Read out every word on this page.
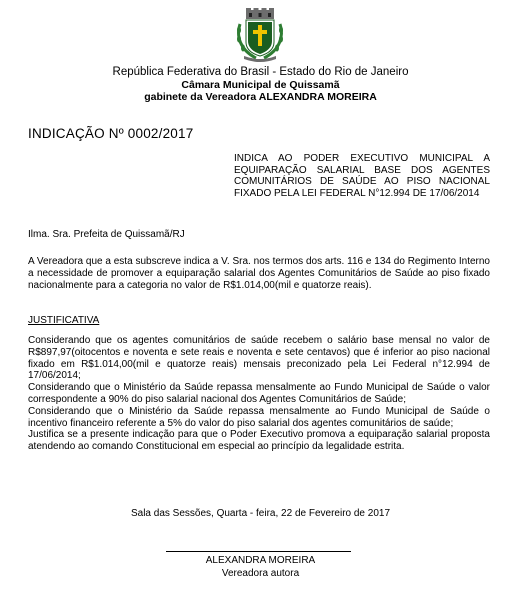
República Federativa do Brasil - Estado do Rio de Janeiro
Câmara Municipal de Quissamã
gabinete da Vereadora ALEXANDRA MOREIRA
INDICAÇÃO Nº 0002/2017
INDICA AO PODER EXECUTIVO MUNICIPAL A EQUIPARAÇÃO SALARIAL BASE DOS AGENTES COMUNITÁRIOS DE SAÚDE AO PISO NACIONAL FIXADO PELA LEI FEDERAL N°12.994 DE 17/06/2014
Ilma. Sra. Prefeita de Quissamã/RJ
A Vereadora que a esta subscreve indica a V. Sra. nos termos dos arts. 116 e 134 do Regimento Interno a necessidade de promover a equiparação salarial dos Agentes Comunitários de Saúde ao piso fixado nacionalmente para a categoria no valor de R$1.014,00(mil e quatorze reais).
JUSTIFICATIVA

Considerando que os agentes comunitários de saúde recebem o salário base mensal no valor de R$897,97(oitocentos e noventa e sete reais e noventa e sete centavos) que é inferior ao piso nacional fixado em R$1.014,00(mil e quatorze reais) mensais preconizado pela Lei Federal n°12.994 de 17/06/2014;

Considerando que o Ministério da Saúde repassa mensalmente ao Fundo Municipal de Saúde o valor correspondente a 90% do piso salarial nacional dos Agentes Comunitários de Saúde;

Considerando que o Ministério da Saúde repassa mensalmente ao Fundo Municipal de Saúde o incentivo financeiro referente a 5% do valor do piso salarial dos agentes comunitários de saúde;

Justifica se a presente indicação para que o Poder Executivo promova a equiparação salarial proposta atendendo ao comando Constitucional em especial ao princípio da legalidade estrita.

Sala das Sessões, Quarta - feira, 22 de Fevereiro de 2017
ALEXANDRA MOREIRA
Vereadora autora
